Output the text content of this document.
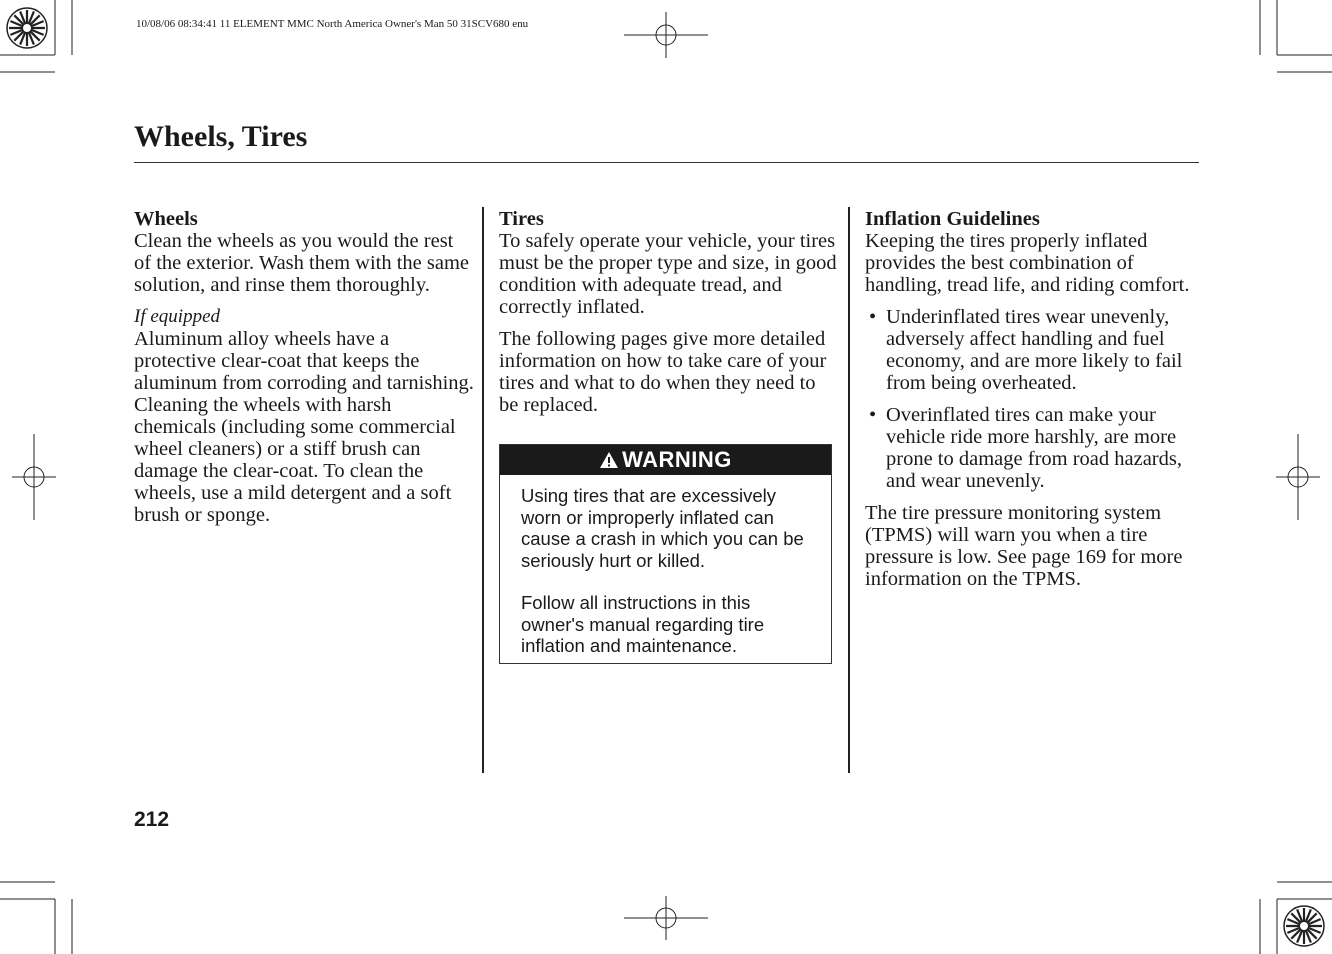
10/08/06 08:34:41 11 ELEMENT MMC North America Owner's Man 50 31SCV680 enu
Wheels, Tires
Wheels
Clean the wheels as you would the rest of the exterior. Wash them with the same solution, and rinse them thoroughly.
If equipped
Aluminum alloy wheels have a protective clear-coat that keeps the aluminum from corroding and tarnishing. Cleaning the wheels with harsh chemicals (including some commercial wheel cleaners) or a stiff brush can damage the clear-coat. To clean the wheels, use a mild detergent and a soft brush or sponge.
Tires
To safely operate your vehicle, your tires must be the proper type and size, in good condition with adequate tread, and correctly inflated.
The following pages give more detailed information on how to take care of your tires and what to do when they need to be replaced.
WARNING

Using tires that are excessively worn or improperly inflated can cause a crash in which you can be seriously hurt or killed.

Follow all instructions in this owner's manual regarding tire inflation and maintenance.

Inflation Guidelines
Keeping the tires properly inflated provides the best combination of handling, tread life, and riding comfort.
• Underinflated tires wear unevenly, adversely affect handling and fuel economy, and are more likely to fail from being overheated.
• Overinflated tires can make your vehicle ride more harshly, are more prone to damage from road hazards, and wear unevenly.
The tire pressure monitoring system (TPMS) will warn you when a tire pressure is low. See page 169 for more information on the TPMS.
212
